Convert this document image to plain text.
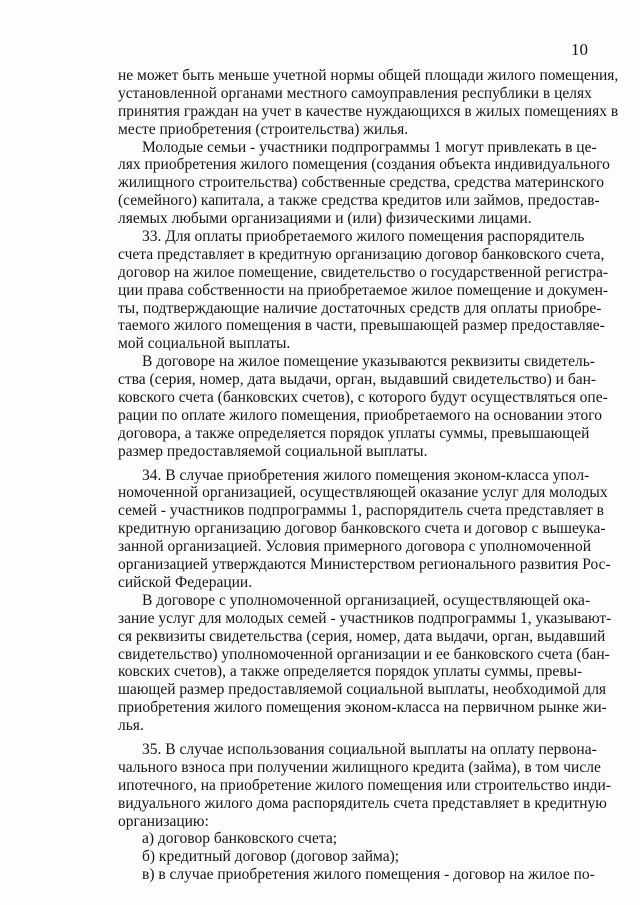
10
не может быть меньше учетной нормы общей площади жилого помещения,
установленной органами местного самоуправления республики в целях
принятия граждан на учет в качестве нуждающихся в жилых помещениях в
месте приобретения (строительства) жилья.
Молодые семьи - участники подпрограммы 1 могут привлекать в це-
лях приобретения жилого помещения (создания объекта индивидуального
жилищного строительства) собственные средства, средства материнского
(семейного) капитала, а также средства кредитов или займов, предостав-
ляемых любыми организациями и (или) физическими лицами.
33. Для оплаты приобретаемого жилого помещения распорядитель
счета представляет в кредитную организацию договор банковского счета,
договор на жилое помещение, свидетельство о государственной регистра-
ции права собственности на приобретаемое жилое помещение и докумен-
ты, подтверждающие наличие достаточных средств для оплаты приобре-
таемого жилого помещения в части, превышающей размер предоставляе-
мой социальной выплаты.
В договоре на жилое помещение указываются реквизиты свидетель-
ства (серия, номер, дата выдачи, орган, выдавший свидетельство) и бан-
ковского счета (банковских счетов), с которого будут осуществляться опе-
рации по оплате жилого помещения, приобретаемого на основании этого
договора, а также определяется порядок уплаты суммы, превышающей
размер предоставляемой социальной выплаты.
34. В случае приобретения жилого помещения эконом-класса упол-
номоченной организацией, осуществляющей оказание услуг для молодых
семей - участников подпрограммы 1, распорядитель счета представляет в
кредитную организацию договор банковского счета и договор с вышеука-
занной организацией. Условия примерного договора с уполномоченной
организацией утверждаются Министерством регионального развития Рос-
сийской Федерации.
В договоре с уполномоченной организацией, осуществляющей ока-
зание услуг для молодых семей - участников подпрограммы 1, указывают-
ся реквизиты свидетельства (серия, номер, дата выдачи, орган, выдавший
свидетельство) уполномоченной организации и ее банковского счета (бан-
ковских счетов), а также определяется порядок уплаты суммы, превы-
шающей размер предоставляемой социальной выплаты, необходимой для
приобретения жилого помещения эконом-класса на первичном рынке жи-
лья.
35. В случае использования социальной выплаты на оплату первона-
чального взноса при получении жилищного кредита (займа), в том числе
ипотечного, на приобретение жилого помещения или строительство инди-
видуального жилого дома распорядитель счета представляет в кредитную
организацию:
а) договор банковского счета;
б) кредитный договор (договор займа);
в) в случае приобретения жилого помещения - договор на жилое по-
